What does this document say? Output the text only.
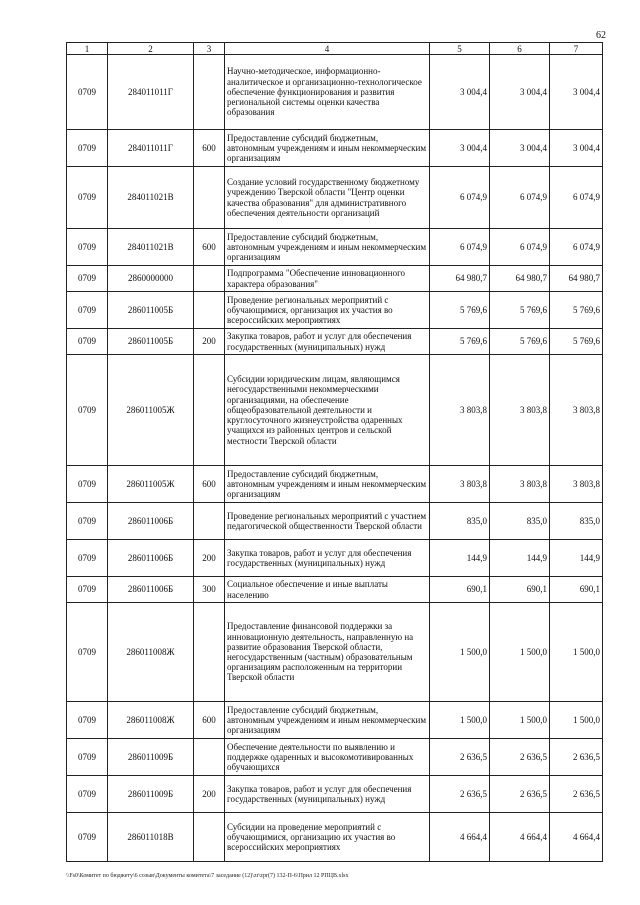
62
1	2	3	4	5	6	7
0709	284011011Г		Научно-методическое, информационно-аналитическое и организационно-технологическое обеспечение функционирования и развития региональной системы оценки качества образования	3 004,4	3 004,4	3 004,4
0709	284011011Г	600	Предоставление субсидий бюджетным, автономным учреждениям и иным некоммерческим организациям	3 004,4	3 004,4	3 004,4
0709	284011021В		Создание условий государственному бюджетному учреждению Тверской области "Центр оценки качества образования" для административного обеспечения деятельности организаций	6 074,9	6 074,9	6 074,9
0709	284011021В	600	Предоставление субсидий бюджетным, автономным учреждениям и иным некоммерческим организациям	6 074,9	6 074,9	6 074,9
0709	2860000000		Подпрограмма "Обеспечение инновационного характера образования"	64 980,7	64 980,7	64 980,7
0709	286011005Б		Проведение региональных мероприятий с обучающимися, организация их участия во всероссийских мероприятиях	5 769,6	5 769,6	5 769,6
0709	286011005Б	200	Закупка товаров, работ и услуг для обеспечения государственных (муниципальных) нужд	5 769,6	5 769,6	5 769,6
0709	286011005Ж		Субсидии юридическим лицам, являющимся негосударственными некоммерческими организациями, на обеспечение общеобразовательной деятельности и круглосуточного жизнеустройства одаренных учащихся из районных центров и сельской местности Тверской области	3 803,8	3 803,8	3 803,8
0709	286011005Ж	600	Предоставление субсидий бюджетным, автономным учреждениям и иным некоммерческим организациям	3 803,8	3 803,8	3 803,8
0709	286011006Б		Проведение региональных мероприятий с участием педагогической общественности Тверской области	835,0	835,0	835,0
0709	286011006Б	200	Закупка товаров, работ и услуг для обеспечения государственных (муниципальных) нужд	144,9	144,9	144,9
0709	286011006Б	300	Социальное обеспечение и иные выплаты населению	690,1	690,1	690,1
0709	286011008Ж		Предоставление финансовой поддержки за инновационную деятельность, направленную на развитие образования Тверской области, негосударственным (частным) образовательным организациям расположенным на территории Тверской области	1 500,0	1 500,0	1 500,0
0709	286011008Ж	600	Предоставление субсидий бюджетным, автономным учреждениям и иным некоммерческим организациям	1 500,0	1 500,0	1 500,0
0709	286011009Б		Обеспечение деятельности по выявлению и поддержке одаренных и высокомотивированных обучающихся	2 636,5	2 636,5	2 636,5
0709	286011009Б	200	Закупка товаров, работ и услуг для обеспечения государственных (муниципальных) нужд	2 636,5	2 636,5	2 636,5
0709	286011018В		Субсидии на проведение мероприятий с обучающимися, организацию их участия во всероссийских мероприятиях	4 664,4	4 664,4	4 664,4
\\Fs0\Комитет по бюджету\6 созыв\Документы комитета\7 заседание (12)\zr\zpr(7) 132-П-6\Прил 12 РПЦВ.xlsx
